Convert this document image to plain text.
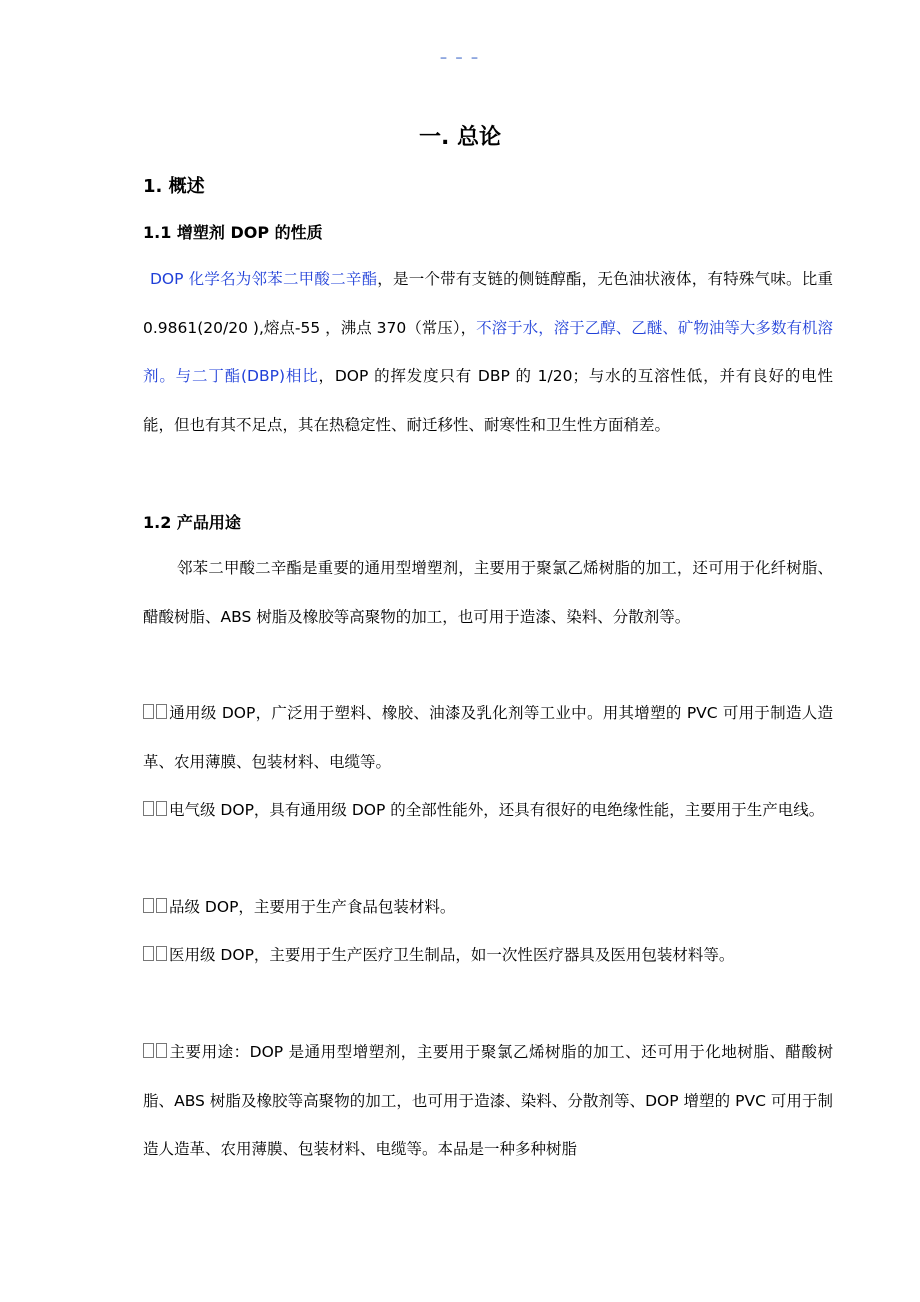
– – –
一. 总论
1. 概述
1.1 增塑剂 DOP 的性质
DOP 化学名为邻苯二甲酸二辛酯，是一个带有支链的侧链醇酯，无色油状液体，有特殊气味。比重 0.9861(20/20 ),熔点-55 ，沸点 370（常压），不溶于水，溶于乙醇、乙醚、矿物油等大多数有机溶剂。与二丁酯(DBP)相比，DOP 的挥发度只有 DBP 的 1/20；与水的互溶性低，并有良好的电性能，但也有其不足点，其在热稳定性、耐迁移性、耐寒性和卫生性方面稍差。
1.2 产品用途
邻苯二甲酸二辛酯是重要的通用型增塑剂，主要用于聚氯乙烯树脂的加工，还可用于化纤树脂、醋酸树脂、ABS 树脂及橡胶等高聚物的加工，也可用于造漆、染料、分散剂等。
通用级 DOP，广泛用于塑料、橡胶、油漆及乳化剂等工业中。用其增塑的 PVC 可用于制造人造革、农用薄膜、包装材料、电缆等。
电气级 DOP，具有通用级 DOP 的全部性能外，还具有很好的电绝缘性能，主要用于生产电线。
品级 DOP，主要用于生产食品包装材料。
医用级 DOP，主要用于生产医疗卫生制品，如一次性医疗器具及医用包装材料等。
主要用途：DOP 是通用型增塑剂，主要用于聚氯乙烯树脂的加工、还可用于化地树脂、醋酸树脂、ABS 树脂及橡胶等高聚物的加工，也可用于造漆、染料、分散剂等、DOP 增塑的 PVC 可用于制造人造革、农用薄膜、包装材料、电缆等。本品是一种多种树脂
